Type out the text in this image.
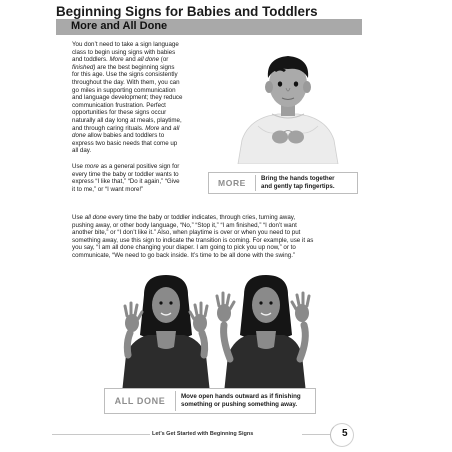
Beginning Signs for Babies and Toddlers
More and All Done
You don’t need to take a sign language
class to begin using signs with babies
and toddlers. More and all done (or
finished) are the best beginning signs
for this age. Use the signs consistently
throughout the day. With them, you can
go miles in supporting communication
and language development; they reduce
communication frustration. Perfect
opportunities for these signs occur
naturally all day long at meals, playtime,
and through caring rituals. More and all
done allow babies and toddlers to
express two basic needs that come up
all day.
Use more as a general positive sign for
every time the baby or toddler wants to
express “I like that,” “Do it again,” “Give
it to me,” or “I want more!”
Use all done every time the baby or toddler indicates, through cries, turning away,
pushing away, or other body language, “No,” “Stop it,” “I am finished,” “I don’t want
another bite,” or “I don’t like it.” Also, when playtime is over or when you need to put
something away, use this sign to indicate the transition is coming. For example, use it as
you say, “I am all done changing your diaper. I am going to pick you up now,” or to
communicate, “We need to go back inside. It’s time to be all done with the swing.”
MORE	Bring the hands together
and gently tap fingertips.
ALL DONE	Move open hands outward as if finishing
something or pushing something away.
Let’s Get Started with Beginning Signs	5
